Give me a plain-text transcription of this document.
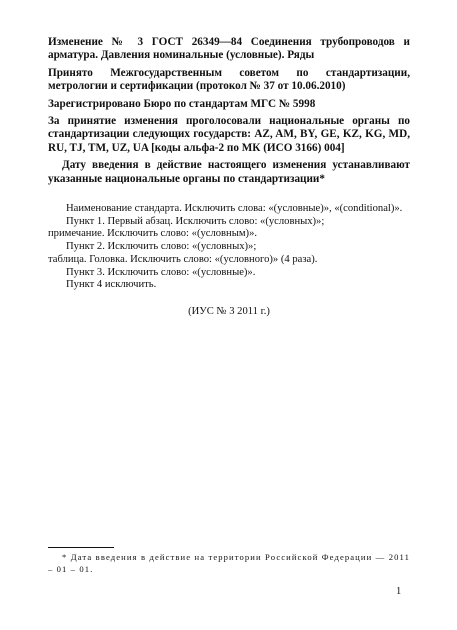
Изменение № 3 ГОСТ 26349—84 Соединения трубопроводов и арматура. Давления номинальные (условные). Ряды

Принято Межгосударственным советом по стандартизации, метрологии и сертификации (протокол № 37 от 10.06.2010)

Зарегистрировано Бюро по стандартам МГС № 5998

За принятие изменения проголосовали национальные органы по стандартизации следующих государств: AZ, AM, BY, GE, KZ, KG, MD, RU, TJ, TM, UZ, UA [коды альфа-2 по МК (ИСО 3166) 004]

Дату введения в действие настоящего изменения устанавливают указанные национальные органы по стандартизации*

Наименование стандарта. Исключить слова: «(условные)», «(conditional)».

Пункт 1. Первый абзац. Исключить слово: «(условных)»;

примечание. Исключить слово: «(условным)».

Пункт 2. Исключить слово: «(условных)»;

таблица. Головка. Исключить слово: «(условного)» (4 раза).

Пункт 3. Исключить слово: «(условные)».

Пункт 4 исключить.

(ИУС № 3 2011 г.)
* Дата введения в действие на территории Российской Федерации — 2011 – 01 – 01.
1
